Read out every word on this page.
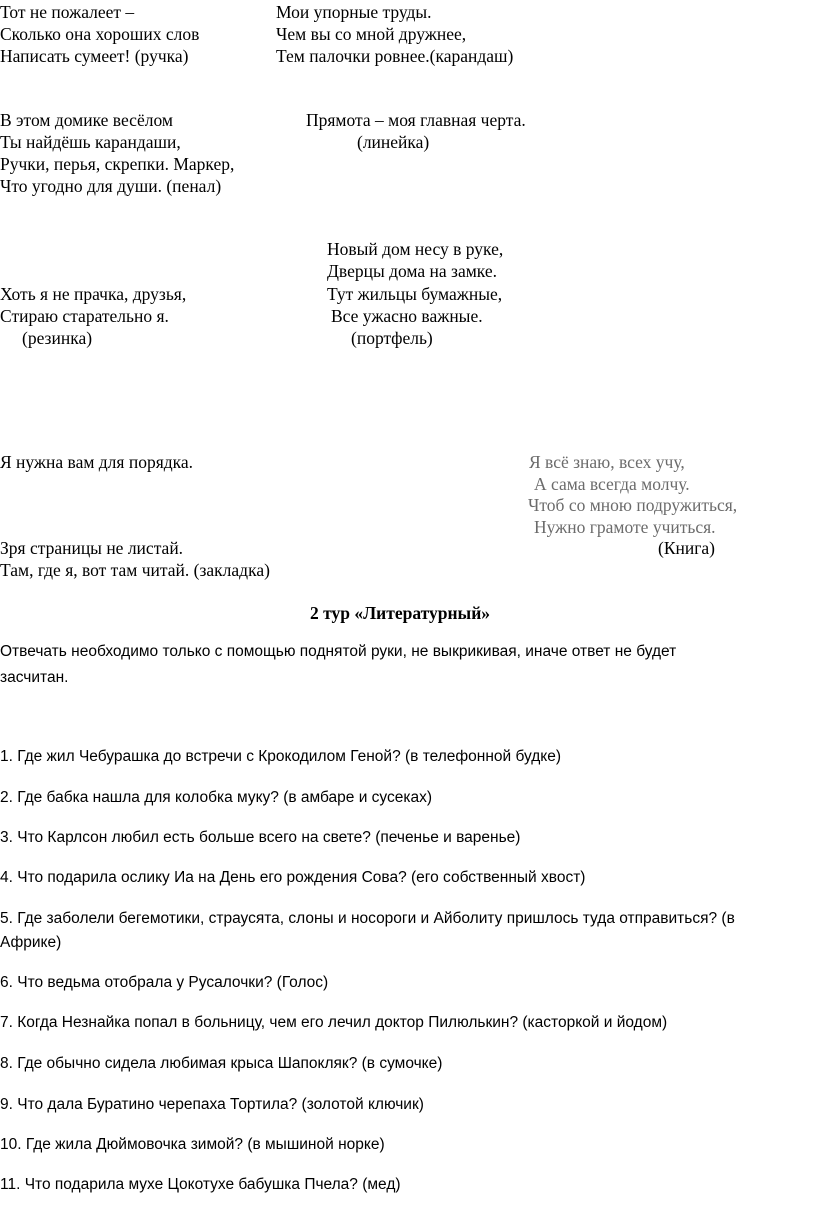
Тот не пожалеет –
Сколько она хороших слов
Написать сумеет! (ручка)
Мои упорные труды.
Чем вы со мной дружнее,
Тем палочки ровнее.(карандаш)
В этом домике весёлом
Ты найдёшь карандаши,
Ручки, перья, скрепки. Маркер,
Что угодно для души. (пенал)
Прямота – моя главная черта.
(линейка)
Новый дом несу в руке,
Дверцы дома на замке.
Тут жильцы бумажные,
Все ужасно важные.
(портфель)
Хоть я не прачка, друзья,
Стираю старательно я.
(резинка)
Я нужна вам для порядка.
Зря страницы не листай.
Там, где я, вот там читай. (закладка)
Я всё знаю, всех учу,
А сама всегда молчу.
Чтоб со мною подружиться,
Нужно грамоте учиться.
(Книга)
2 тур «Литературный»
Отвечать необходимо только с помощью поднятой руки, не выкрикивая, иначе ответ не будет
засчитан.
1. Где жил Чебурашка до встречи с Крокодилом Геной? (в телефонной будке)
2. Где бабка нашла для колобка муку? (в амбаре и сусеках)
3. Что Карлсон любил есть больше всего на свете? (печенье и варенье)
4. Что подарила ослику Иа на День его рождения Сова? (его собственный хвост)
5. Где заболели бегемотики, страусята, слоны и носороги и Айболиту пришлось туда отправиться? (в
Африке)
6. Что ведьма отобрала у Русалочки? (Голос)
7. Когда Незнайка попал в больницу, чем его лечил доктор Пилюлькин? (касторкой и йодом)
8. Где обычно сидела любимая крыса Шапокляк? (в сумочке)
9. Что дала Буратино черепаха Тортила? (золотой ключик)
10. Где жила Дюймовочка зимой? (в мышиной норке)
11. Что подарила мухе Цокотухе бабушка Пчела? (мед)
